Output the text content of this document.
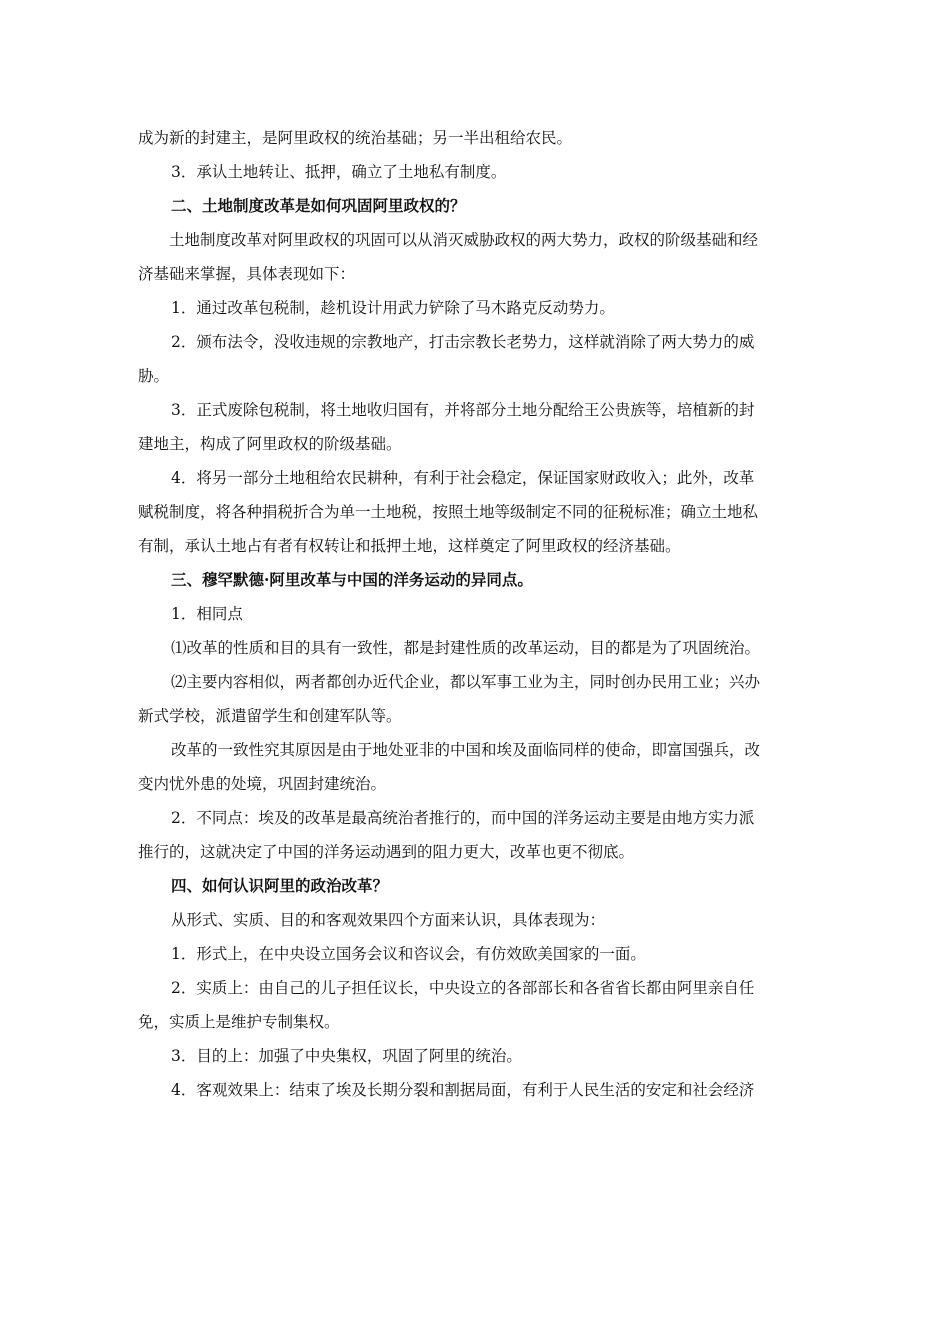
成为新的封建主，是阿里政权的统治基础；另一半出租给农民。
3．承认土地转让、抵押，确立了土地私有制度。
二、土地制度改革是如何巩固阿里政权的？
土地制度改革对阿里政权的巩固可以从消灭威胁政权的两大势力，政权的阶级基础和经
济基础来掌握，具体表现如下：
1．通过改革包税制，趁机设计用武力铲除了马木路克反动势力。
2．颁布法令，没收违规的宗教地产，打击宗教长老势力，这样就消除了两大势力的威
胁。
3．正式废除包税制，将土地收归国有，并将部分土地分配给王公贵族等，培植新的封
建地主，构成了阿里政权的阶级基础。
4．将另一部分土地租给农民耕种，有利于社会稳定，保证国家财政收入；此外，改革
赋税制度，将各种捐税折合为单一土地税，按照土地等级制定不同的征税标准；确立土地私
有制，承认土地占有者有权转让和抵押土地，这样奠定了阿里政权的经济基础。
三、穆罕默德·阿里改革与中国的洋务运动的异同点。
1．相同点
⑴改革的性质和目的具有一致性，都是封建性质的改革运动，目的都是为了巩固统治。
⑵主要内容相似，两者都创办近代企业，都以军事工业为主，同时创办民用工业；兴办
新式学校，派遣留学生和创建军队等。
改革的一致性究其原因是由于地处亚非的中国和埃及面临同样的使命，即富国强兵，改
变内忧外患的处境，巩固封建统治。
2．不同点：埃及的改革是最高统治者推行的，而中国的洋务运动主要是由地方实力派
推行的，这就决定了中国的洋务运动遇到的阻力更大，改革也更不彻底。
四、如何认识阿里的政治改革？
从形式、实质、目的和客观效果四个方面来认识，具体表现为：
1．形式上，在中央设立国务会议和咨议会，有仿效欧美国家的一面。
2．实质上：由自己的儿子担任议长，中央设立的各部部长和各省省长都由阿里亲自任
免，实质上是维护专制集权。
3．目的上：加强了中央集权，巩固了阿里的统治。
4．客观效果上：结束了埃及长期分裂和割据局面，有利于人民生活的安定和社会经济
